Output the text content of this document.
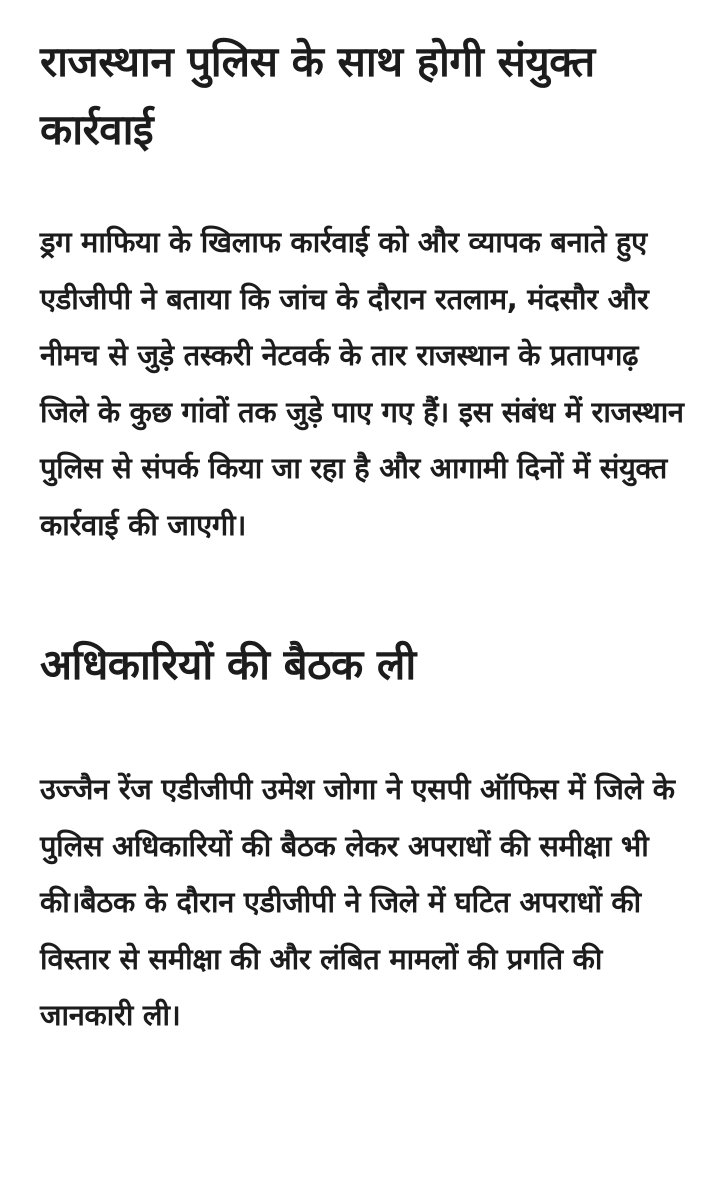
राजस्थान पुलिस के साथ होगी संयुक्त कार्रवाई

ड्रग माफिया के खिलाफ कार्रवाई को और व्यापक बनाते हुए एडीजीपी ने बताया कि जांच के दौरान रतलाम, मंदसौर और नीमच से जुड़े तस्करी नेटवर्क के तार राजस्थान के प्रतापगढ़ जिले के कुछ गांवों तक जुड़े पाए गए हैं। इस संबंध में राजस्थान पुलिस से संपर्क किया जा रहा है और आगामी दिनों में संयुक्त कार्रवाई की जाएगी।

अधिकारियों की बैठक ली

उज्जैन रेंज एडीजीपी उमेश जोगा ने एसपी ऑफिस में जिले के पुलिस अधिकारियों की बैठक लेकर अपराधों की समीक्षा भी की।बैठक के दौरान एडीजीपी ने जिले में घटित अपराधों की विस्तार से समीक्षा की और लंबित मामलों की प्रगति की जानकारी ली।
